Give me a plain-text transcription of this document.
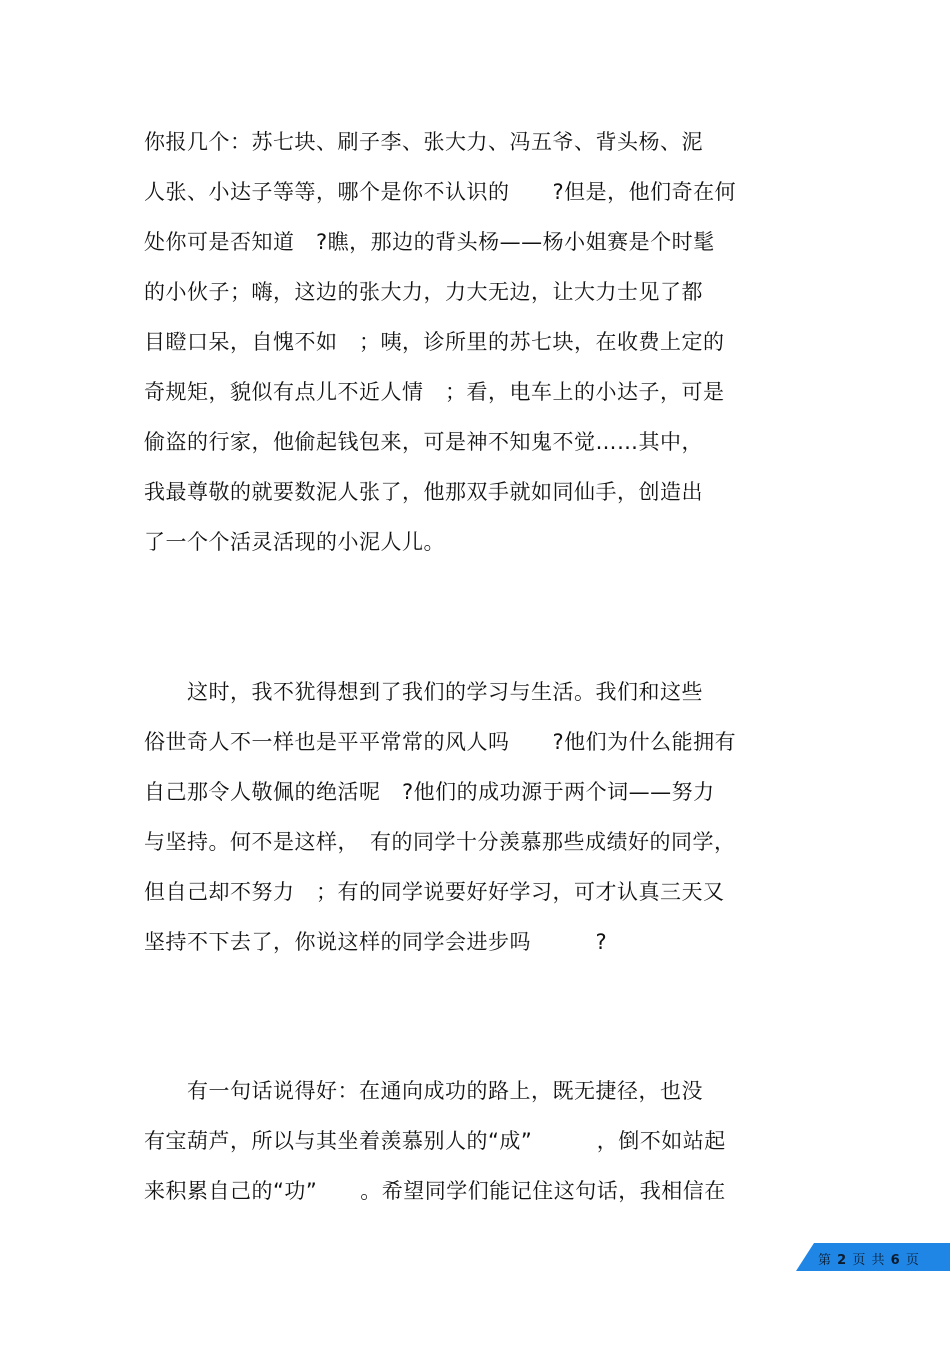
你报几个：苏七块、刷子李、张大力、冯五爷、背头杨、泥
人张、小达子等等，哪个是你不认识的　　?但是，他们奇在何
处你可是否知道　?瞧，那边的背头杨——杨小姐赛是个时髦
的小伙子；嗨，这边的张大力，力大无边，让大力士见了都
目瞪口呆，自愧不如　；咦，诊所里的苏七块，在收费上定的
奇规矩，貌似有点儿不近人情　；看，电车上的小达子，可是
偷盗的行家，他偷起钱包来，可是神不知鬼不觉……其中，
我最尊敬的就要数泥人张了，他那双手就如同仙手，创造出
了一个个活灵活现的小泥人儿。
　　这时，我不犹得想到了我们的学习与生活。我们和这些
俗世奇人不一样也是平平常常的风人吗　　?他们为什么能拥有
自己那令人敬佩的绝活呢　?他们的成功源于两个词——努力
与坚持。何不是这样，　有的同学十分羡慕那些成绩好的同学，
但自己却不努力　；有的同学说要好好学习，可才认真三天又
坚持不下去了，你说这样的同学会进步吗　　　?
　　有一句话说得好：在通向成功的路上，既无捷径，也没
有宝葫芦，所以与其坐着羡慕别人的“成”　　　，倒不如站起
来积累自己的“功”　　。希望同学们能记住这句话，我相信在
第 2 页 共 6 页
